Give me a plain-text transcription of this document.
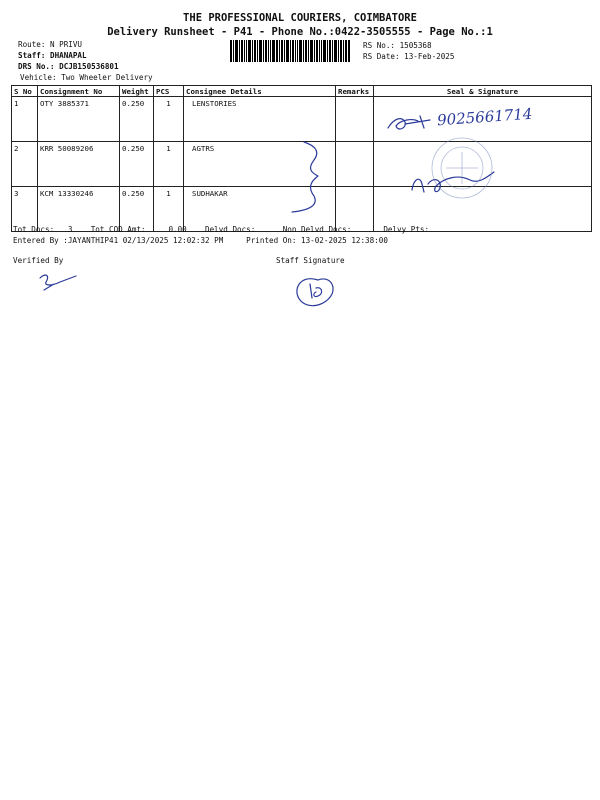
THE PROFESSIONAL COURIERS, COIMBATORE
Delivery Runsheet - P41 - Phone No.:0422-3505555 - Page No.:1
Route: N PRIVU
Staff: DHANAPAL
DRS No.: DCJB150536801
Vehicle: Two Wheeler Delivery
RS No.: 1505368
RS Date: 13-Feb-2025
S No	Consignment No	Weight	PCS	Consignee Details	Remarks	Seal & Signature
1	OTY 3885371	0.250	1	LENSTORIES		
2	KRR 50089206	0.250	1	AGTRS		
3	KCM 13330246	0.250	1	SUDHAKAR		
Tot Docs:   3    Tot COD Amt:     0.00    Delvd Docs:      Non Delvd Docs:       Delvy Pts:
Entered By :JAYANTHIP41 02/13/2025 12:02:32 PM     Printed On: 13-02-2025 12:38:00
Verified By	Staff Signature
9025661714
